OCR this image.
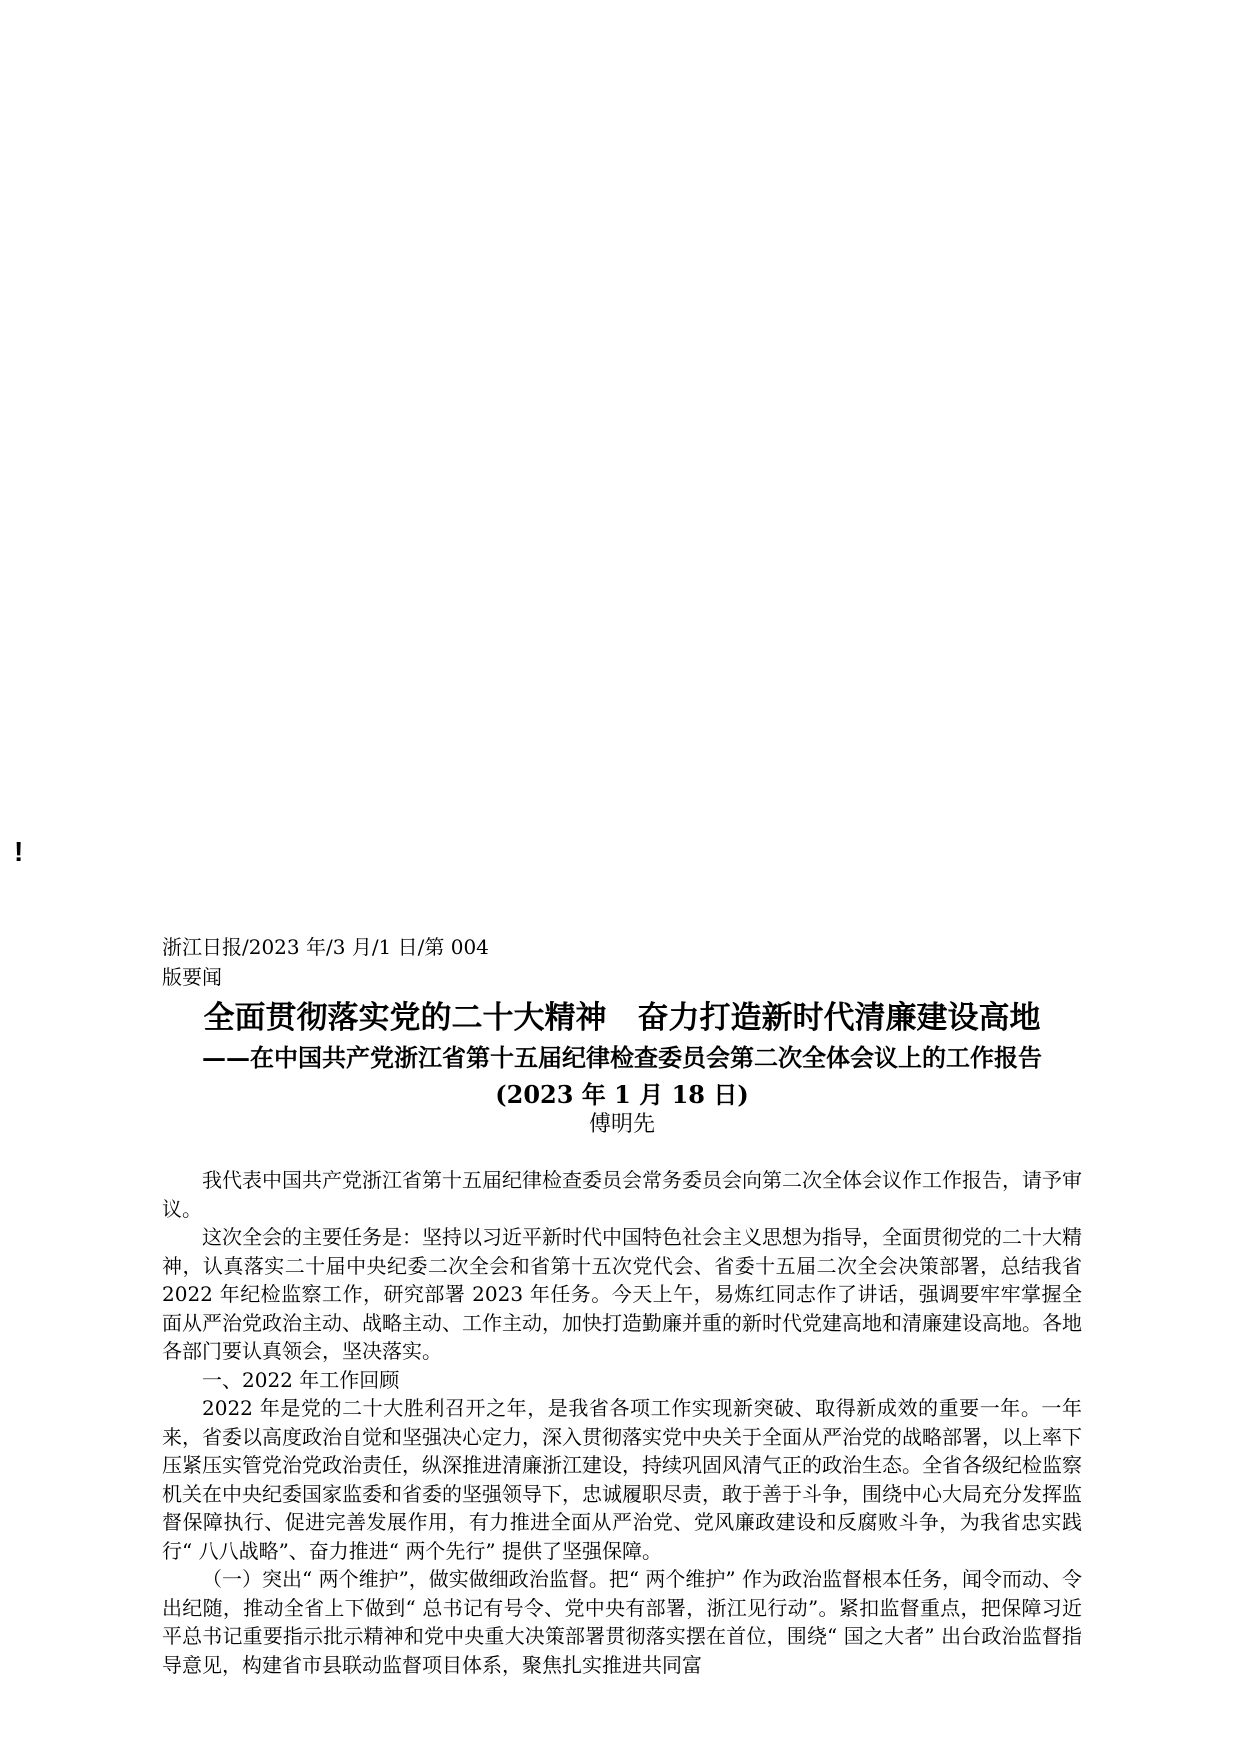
!
浙江日报/2023 年/3 月/1 日/第 004
版要闻
全面贯彻落实党的二十大精神　奋力打造新时代清廉建设高地
——在中国共产党浙江省第十五届纪律检查委员会第二次全体会议上的工作报告
(2023 年 1 月 18 日)
傅明先

我代表中国共产党浙江省第十五届纪律检查委员会常务委员会向第二次全体会议作工作报告，请予审议。

这次全会的主要任务是：坚持以习近平新时代中国特色社会主义思想为指导，全面贯彻党的二十大精神，认真落实二十届中央纪委二次全会和省第十五次党代会、省委十五届二次全会决策部署，总结我省 2022 年纪检监察工作，研究部署 2023 年任务。今天上午，易炼红同志作了讲话，强调要牢牢掌握全面从严治党政治主动、战略主动、工作主动，加快打造勤廉并重的新时代党建高地和清廉建设高地。各地各部门要认真领会，坚决落实。

一、2022 年工作回顾

2022 年是党的二十大胜利召开之年，是我省各项工作实现新突破、取得新成效的重要一年。一年来，省委以高度政治自觉和坚强决心定力，深入贯彻落实党中央关于全面从严治党的战略部署，以上率下压紧压实管党治党政治责任，纵深推进清廉浙江建设，持续巩固风清气正的政治生态。全省各级纪检监察机关在中央纪委国家监委和省委的坚强领导下，忠诚履职尽责，敢于善于斗争，围绕中心大局充分发挥监督保障执行、促进完善发展作用，有力推进全面从严治党、党风廉政建设和反腐败斗争，为我省忠实践行“ 八八战略”、奋力推进“ 两个先行” 提供了坚强保障。

（一）突出“ 两个维护”，做实做细政治监督。把“ 两个维护” 作为政治监督根本任务，闻令而动、令出纪随，推动全省上下做到“ 总书记有号令、党中央有部署，浙江见行动”。紧扣监督重点，把保障习近平总书记重要指示批示精神和党中央重大决策部署贯彻落实摆在首位，围绕“ 国之大者” 出台政治监督指导意见，构建省市县联动监督项目体系，聚焦扎实推进共同富
